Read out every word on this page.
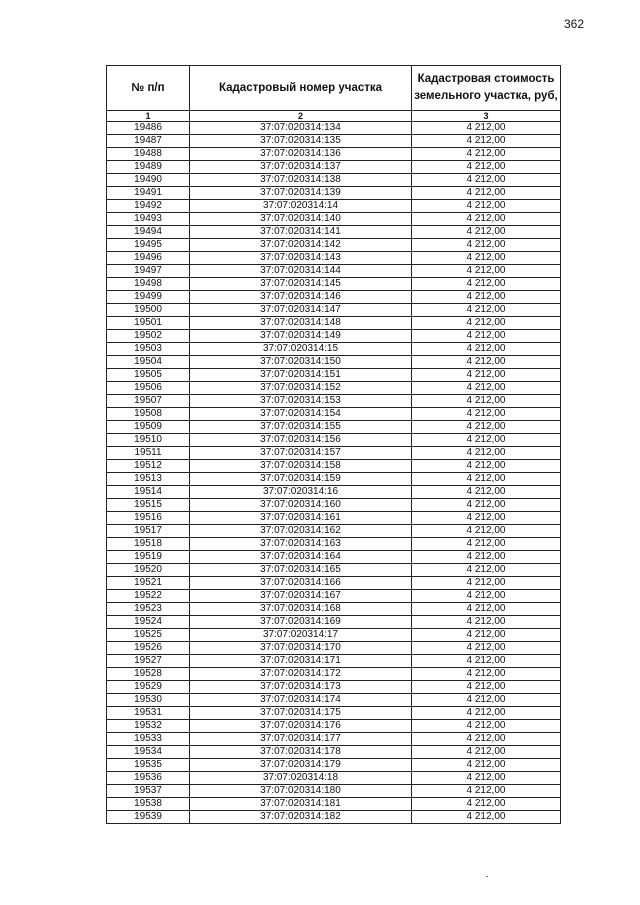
362
№ п/п	Кадастровый номер участка	Кадастровая стоимость земельного участка, руб,
1	2	3
19486	37:07:020314:134	4 212,00
19487	37:07:020314:135	4 212,00
19488	37:07:020314:136	4 212,00
19489	37:07:020314:137	4 212,00
19490	37:07:020314:138	4 212,00
19491	37:07:020314:139	4 212,00
19492	37:07:020314:14	4 212,00
19493	37:07:020314:140	4 212,00
19494	37:07:020314:141	4 212,00
19495	37:07:020314:142	4 212,00
19496	37:07:020314:143	4 212,00
19497	37:07:020314:144	4 212,00
19498	37:07:020314:145	4 212,00
19499	37:07:020314:146	4 212,00
19500	37:07:020314:147	4 212,00
19501	37:07:020314:148	4 212,00
19502	37:07:020314:149	4 212,00
19503	37:07:020314:15	4 212,00
19504	37:07:020314:150	4 212,00
19505	37:07:020314:151	4 212,00
19506	37:07:020314:152	4 212,00
19507	37:07:020314:153	4 212,00
19508	37:07:020314:154	4 212,00
19509	37:07:020314:155	4 212,00
19510	37:07:020314:156	4 212,00
19511	37:07:020314:157	4 212,00
19512	37:07:020314:158	4 212,00
19513	37:07:020314:159	4 212,00
19514	37:07:020314:16	4 212,00
19515	37:07:020314:160	4 212,00
19516	37:07:020314:161	4 212,00
19517	37:07:020314:162	4 212,00
19518	37:07:020314:163	4 212,00
19519	37:07:020314:164	4 212,00
19520	37:07:020314:165	4 212,00
19521	37:07:020314:166	4 212,00
19522	37:07:020314:167	4 212,00
19523	37:07:020314:168	4 212,00
19524	37:07:020314:169	4 212,00
19525	37:07:020314:17	4 212,00
19526	37:07:020314:170	4 212,00
19527	37:07:020314:171	4 212,00
19528	37:07:020314:172	4 212,00
19529	37:07:020314:173	4 212,00
19530	37:07:020314:174	4 212,00
19531	37:07:020314:175	4 212,00
19532	37:07:020314:176	4 212,00
19533	37:07:020314:177	4 212,00
19534	37:07:020314:178	4 212,00
19535	37:07:020314:179	4 212,00
19536	37:07:020314:18	4 212,00
19537	37:07:020314:180	4 212,00
19538	37:07:020314:181	4 212,00
19539	37:07:020314:182	4 212,00
